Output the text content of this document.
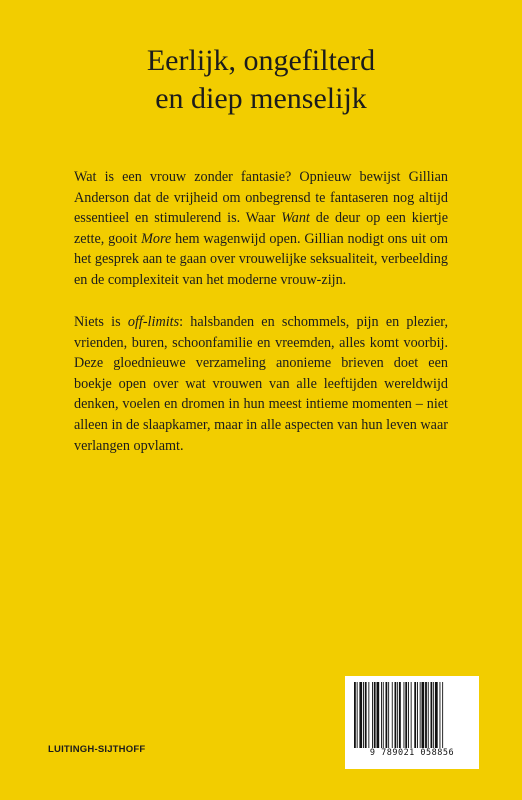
Eerlijk, ongefilterd
en diep menselijk

Wat is een vrouw zonder fantasie? Opnieuw bewijst Gillian Anderson dat de vrijheid om onbegrensd te fantaseren nog altijd essentieel en stimulerend is. Waar Want de deur op een kiertje zette, gooit More hem wagenwijd open. Gillian nodigt ons uit om het gesprek aan te gaan over vrouwelijke seksualiteit, verbeelding en de complexiteit van het moderne vrouw-zijn.

Niets is off-limits: halsbanden en schommels, pijn en plezier, vrienden, buren, schoonfamilie en vreemden, alles komt voorbij. Deze gloednieuwe verzameling anonieme brieven doet een boekje open over wat vrouwen van alle leeftijden wereldwijd denken, voelen en dromen in hun meest intieme momenten – niet alleen in de slaapkamer, maar in alle aspecten van hun leven waar verlangen opvlamt.

LUITINGH-SIJTHOFF	9 789021 058856
